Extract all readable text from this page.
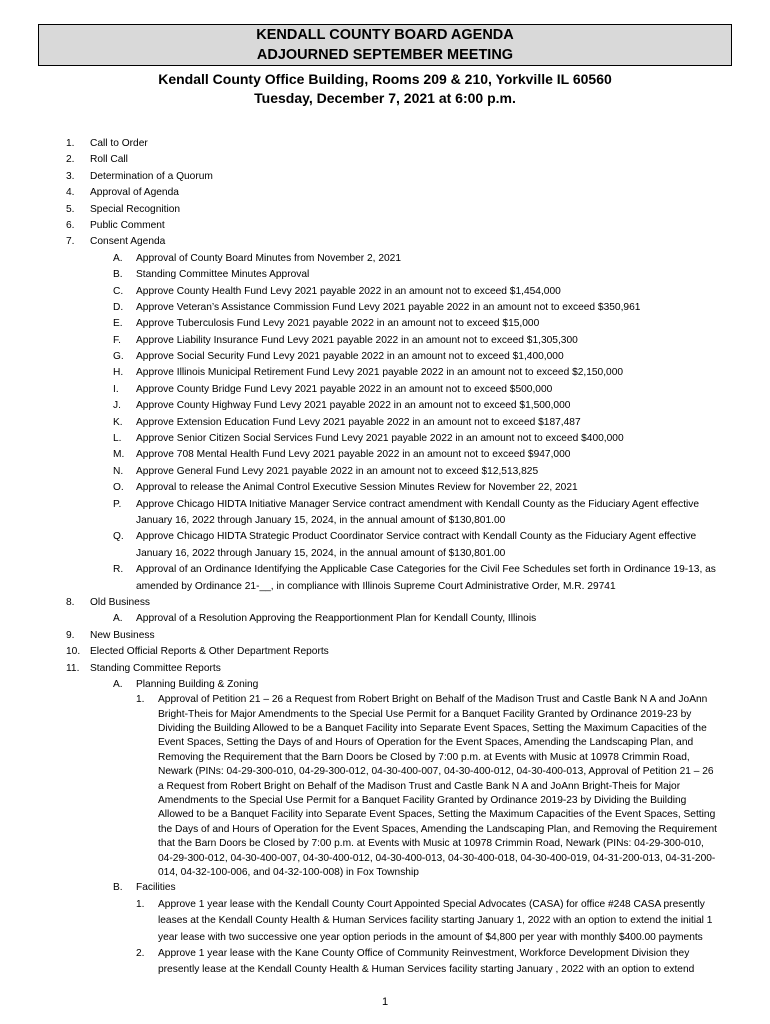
KENDALL COUNTY BOARD AGENDA
ADJOURNED SEPTEMBER MEETING
Kendall County Office Building, Rooms 209 & 210, Yorkville IL 60560
Tuesday, December 7, 2021 at 6:00 p.m.
1. Call to Order
2. Roll Call
3. Determination of a Quorum
4. Approval of Agenda
5. Special Recognition
6. Public Comment
7. Consent Agenda
A. Approval of County Board Minutes from November 2, 2021
B. Standing Committee Minutes Approval
C. Approve County Health Fund Levy 2021 payable 2022 in an amount not to exceed $1,454,000
D. Approve Veteran’s Assistance Commission Fund Levy 2021 payable 2022 in an amount not to exceed $350,961
E. Approve Tuberculosis Fund Levy 2021 payable 2022 in an amount not to exceed $15,000
F. Approve Liability Insurance Fund Levy 2021 payable 2022 in an amount not to exceed $1,305,300
G. Approve Social Security Fund Levy 2021 payable 2022 in an amount not to exceed $1,400,000
H. Approve Illinois Municipal Retirement Fund Levy 2021 payable 2022 in an amount not to exceed $2,150,000
I. Approve County Bridge Fund Levy 2021 payable 2022 in an amount not to exceed $500,000
J. Approve County Highway Fund Levy 2021 payable 2022 in an amount not to exceed $1,500,000
K. Approve Extension Education Fund Levy 2021 payable 2022 in an amount not to exceed $187,487
L. Approve Senior Citizen Social Services Fund Levy 2021 payable 2022 in an amount not to exceed $400,000
M. Approve 708 Mental Health Fund Levy 2021 payable 2022 in an amount not to exceed $947,000
N. Approve General Fund Levy 2021 payable 2022 in an amount not to exceed $12,513,825
O. Approval to release the Animal Control Executive Session Minutes Review for November 22, 2021
P. Approve Chicago HIDTA Initiative Manager Service contract amendment with Kendall County as the Fiduciary Agent effective
January 16, 2022 through January 15, 2024, in the annual amount of $130,801.00
Q. Approve Chicago HIDTA Strategic Product Coordinator Service contract with Kendall County as the Fiduciary Agent effective
January 16, 2022 through January 15, 2024, in the annual amount of $130,801.00
R. Approval of an Ordinance Identifying the Applicable Case Categories for the Civil Fee Schedules set forth in Ordinance 19-13, as
amended by Ordinance 21-__, in compliance with Illinois Supreme Court Administrative Order, M.R. 29741
8. Old Business
A. Approval of a Resolution Approving the Reapportionment Plan for Kendall County, Illinois
9. New Business
10. Elected Official Reports & Other Department Reports
11. Standing Committee Reports
A. Planning Building & Zoning
1. Approval of Petition 21 – 26 a Request from Robert Bright on Behalf of the Madison Trust and Castle Bank N A and JoAnn
Bright-Theis for Major Amendments to the Special Use Permit for a Banquet Facility Granted by Ordinance 2019-23 by
Dividing the Building Allowed to be a Banquet Facility into Separate Event Spaces, Setting the Maximum Capacities of the
Event Spaces, Setting the Days of and Hours of Operation for the Event Spaces, Amending the Landscaping Plan, and
Removing the Requirement that the Barn Doors be Closed by 7:00 p.m. at Events with Music at 10978 Crimmin Road,
Newark (PINs: 04-29-300-010, 04-29-300-012, 04-30-400-007, 04-30-400-012, 04-30-400-013, Approval of Petition 21 – 26
a Request from Robert Bright on Behalf of the Madison Trust and Castle Bank N A and JoAnn Bright-Theis for Major
Amendments to the Special Use Permit for a Banquet Facility Granted by Ordinance 2019-23 by Dividing the Building
Allowed to be a Banquet Facility into Separate Event Spaces, Setting the Maximum Capacities of the Event Spaces, Setting
the Days of and Hours of Operation for the Event Spaces, Amending the Landscaping Plan, and Removing the Requirement
that the Barn Doors be Closed by 7:00 p.m. at Events with Music at 10978 Crimmin Road, Newark (PINs: 04-29-300-010,
04-29-300-012, 04-30-400-007, 04-30-400-012, 04-30-400-013, 04-30-400-018, 04-30-400-019, 04-31-200-013, 04-31-200-
014, 04-32-100-006, and 04-32-100-008) in Fox Township
B. Facilities
1. Approve 1 year lease with the Kendall County Court Appointed Special Advocates (CASA) for office #248 CASA presently
leases at the Kendall County Health & Human Services facility starting January 1, 2022 with an option to extend the initial 1
year lease with two successive one year option periods in the amount of $4,800 per year with monthly $400.00 payments
2. Approve 1 year lease with the Kane County Office of Community Reinvestment, Workforce Development Division they
presently lease at the Kendall County Health & Human Services facility starting January , 2022 with an option to extend
1
